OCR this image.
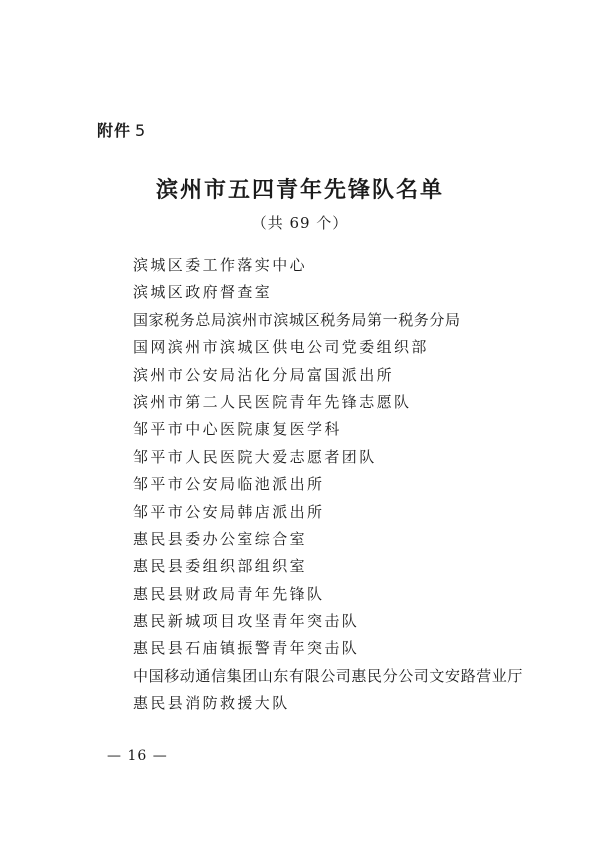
附件 5
滨州市五四青年先锋队名单
（共 69 个）
滨城区委工作落实中心
滨城区政府督查室
国家税务总局滨州市滨城区税务局第一税务分局
国网滨州市滨城区供电公司党委组织部
滨州市公安局沾化分局富国派出所
滨州市第二人民医院青年先锋志愿队
邹平市中心医院康复医学科
邹平市人民医院大爱志愿者团队
邹平市公安局临池派出所
邹平市公安局韩店派出所
惠民县委办公室综合室
惠民县委组织部组织室
惠民县财政局青年先锋队
惠民新城项目攻坚青年突击队
惠民县石庙镇振警青年突击队
中国移动通信集团山东有限公司惠民分公司文安路营业厅
惠民县消防救援大队
— 16 —
